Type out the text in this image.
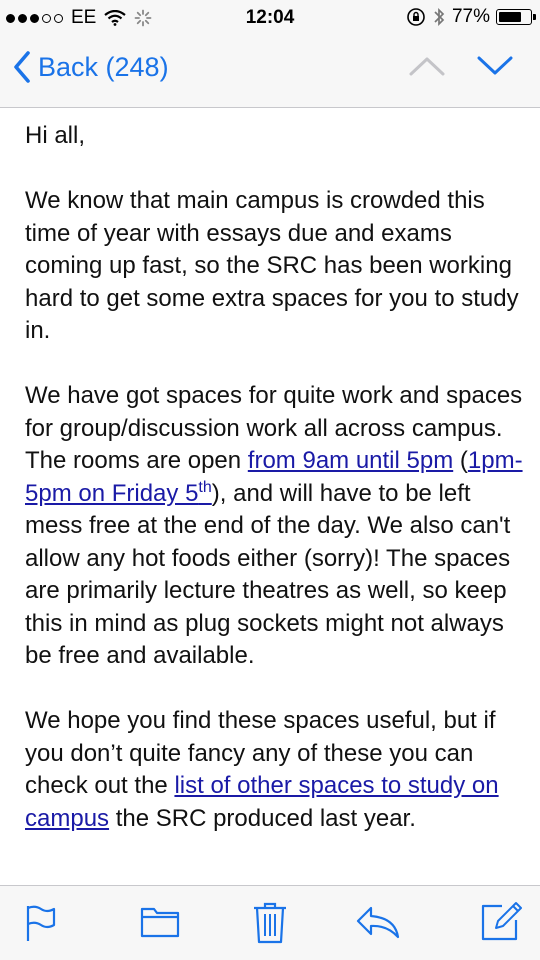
EE	12:04	77%
Back (248)

Hi all,

We know that main campus is crowded this time of year with essays due and exams coming up fast, so the SRC has been working hard to get some extra spaces for you to study in.

We have got spaces for quite work and spaces for group/discussion work all across campus. The rooms are open from 9am until 5pm (1pm-5pm on Friday 5th), and will have to be left mess free at the end of the day. We also can't allow any hot foods either (sorry)! The spaces are primarily lecture theatres as well, so keep this in mind as plug sockets might not always be free and available.

We hope you find these spaces useful, but if you don’t quite fancy any of these you can check out the list of other spaces to study on campus the SRC produced last year.
